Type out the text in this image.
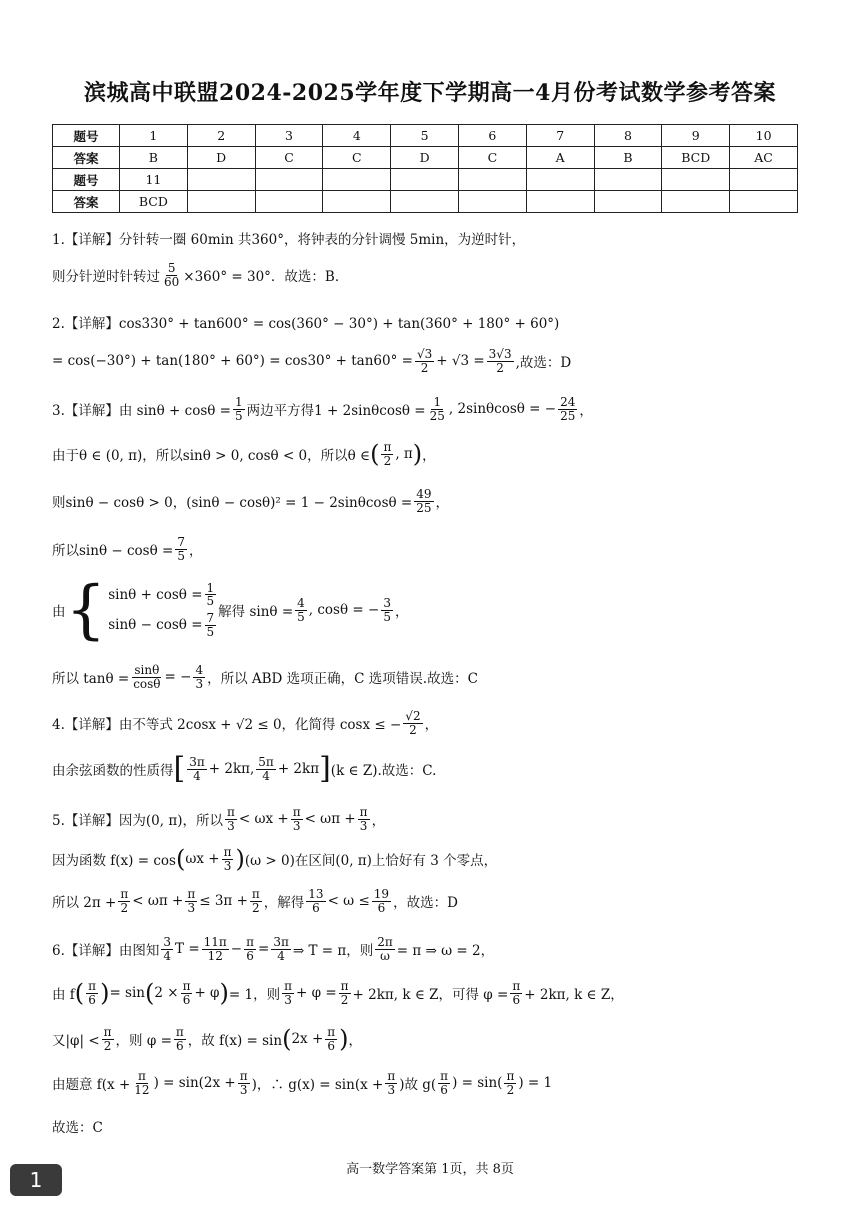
滨城高中联盟2024-2025学年度下学期高一4月份考试数学参考答案
题号	1	2	3	4	5	6	7	8	9	10
答案	B	D	C	C	D	C	A	B	BCD	AC
题号	11									
答案	BCD									
1.【详解】分针转一圈 60min 共360°，将钟表的分针调慢 5min，为逆时针，
则分针逆时针转过 $\frac{5}{60} \times 360^\circ = 30^\circ$．故选：B．
2.【详解】cos330° + tan600° = cos(360° − 30°) + tan(360° + 180° + 60°)
= $\cos(-30^\circ) + \tan(180^\circ + 60^\circ) = \cos 30^\circ + \tan 60^\circ = \frac{√3}{2} + √3 = \frac{3√3}{2}$ ,故选：D
3.【详解】由 $\sin\theta + \cos\theta = \frac{1}{5}$ 两边平方得$1 + 2\sin\theta\cos\theta = \frac{1}{25}$ , 2sinθcosθ = − $\frac{24}{25}$ ，
由于θ ∈ (0, π)，所以sinθ > 0, cosθ < 0，所以θ ∈ ( $\frac{\pi}{2}$ , π ) ，
则sinθ − cosθ > 0，$(\sin\theta - \cos\theta)^2 = 1 - 2\sin\theta\cos\theta = \frac{49}{25}$ ，
所以$\sin\theta - \cos\theta = \frac{7}{5}$ ，
由 { $\sin\theta + \cos\theta = \frac{1}{5}$
$\sin\theta - \cos\theta = \frac{7}{5}$ 解得 $\sin\theta = \frac{4}{5}$ , cosθ = − $\frac{3}{5}$ ，
所以 $\tan\theta = \frac{\sin\theta}{\cos\theta}$ = − $\frac{4}{3}$ ，所以 ABD 选项正确，C 选项错误.故选：C
4.【详解】由不等式 2cosx + √2 ≤ 0，化简得 cosx ≤ − $\frac{√2}{2}$ ，
由余弦函数的性质得 [ $\frac{3\pi}{4} + 2k\pi$, $\frac{5\pi}{4} + 2k\pi$ ] (k ∈ Z).故选：C.
5.【详解】因为(0, π)，所以 $\frac{\pi}{3} < \omega x + \frac{\pi}{3} < \omega\pi + \frac{\pi}{3}$ ，
因为函数 f(x) = cos ( $\omega x + \frac{\pi}{3}$ ) (ω > 0)在区间(0, π)上恰好有 3 个零点，
所以 $2\pi + \frac{\pi}{2} < \omega\pi + \frac{\pi}{3} \le 3\pi + \frac{\pi}{2}$ ，解得 $\frac{13}{6} < \omega \le \frac{19}{6}$ ，故选：D
6.【详解】由图知 $\frac{3}{4}$ $T = \frac{11\pi}{12} - \frac{\pi}{6} = \frac{3\pi}{4}$ ⇒ T = π，则 $\frac{2\pi}{\omega} = \pi$ ⇒ ω = 2，
由 f ( $\frac{\pi}{6}$ ) = sin ( $2 \times \frac{\pi}{6} + \varphi$ ) = 1，则 $\frac{\pi}{3} + \varphi = \frac{\pi}{2} + 2k\pi$, k ∈ Z，可得 $\varphi = \frac{\pi}{6} + 2k\pi$, k ∈ Z，
又$|\varphi| < \frac{\pi}{2}$ ，则 $\varphi = \frac{\pi}{6}$ ，故 f(x) = sin ( $2x + \frac{\pi}{6}$ ) ，
由题意 $f(x + \frac{\pi}{12}$ ) = $\sin(2x + \frac{\pi}{3}$ )，∴ $g(x) = \sin(x + \frac{\pi}{3}$ )故 $g( \frac{\pi}{6}$ ) = $\sin( \frac{\pi}{2}$ ) = 1
故选：C
高一数学答案第 1页，共 8页
1
